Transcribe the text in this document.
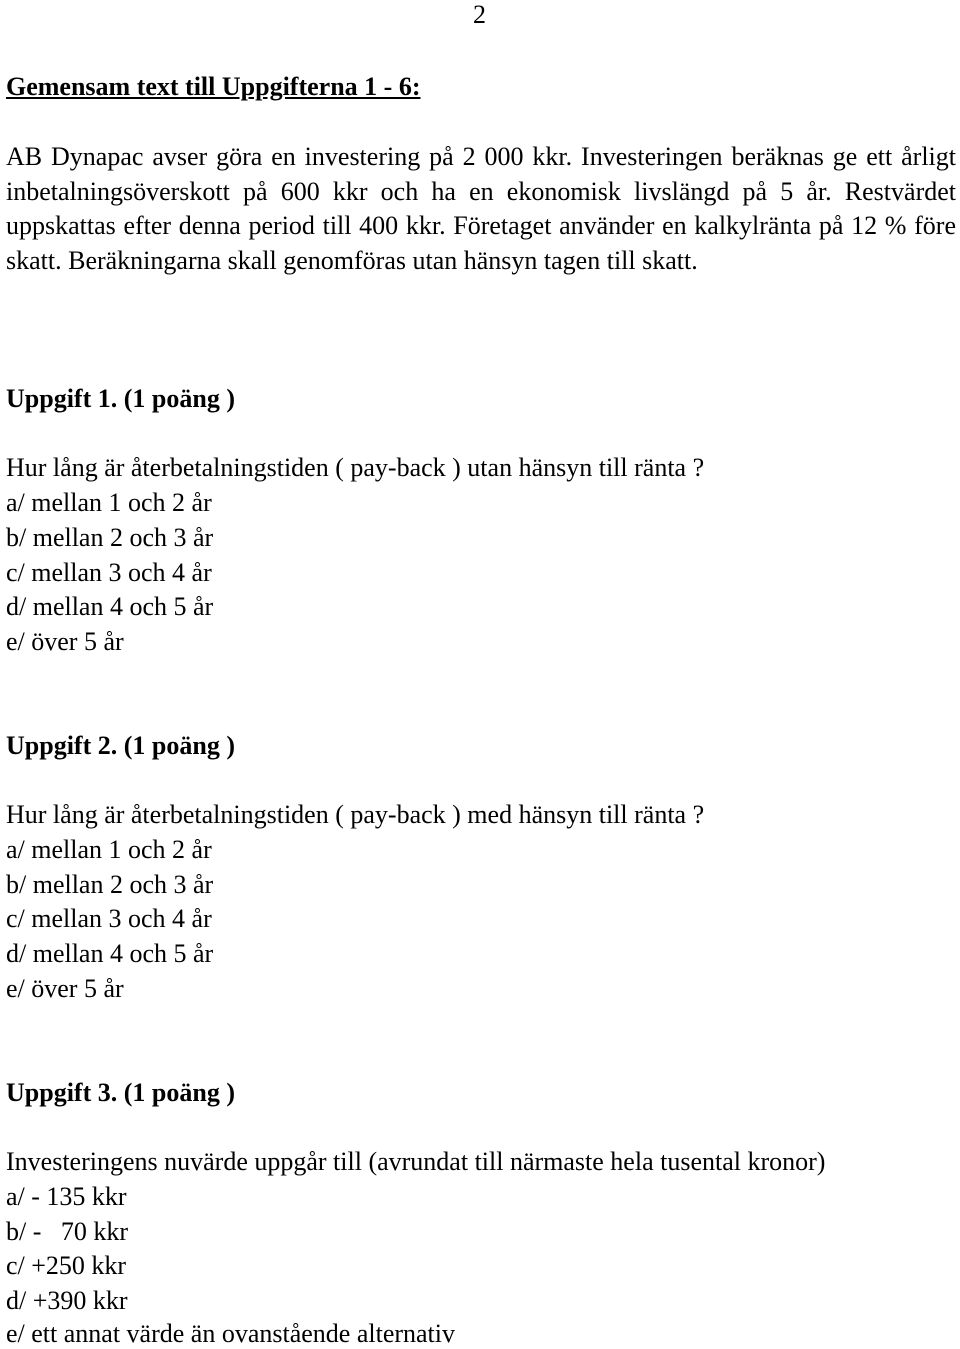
2
Gemensam text till Uppgifterna 1 - 6:
AB Dynapac avser göra en investering på 2 000 kkr. Investeringen beräknas ge ett årligt inbetalningsöverskott på 600 kkr och ha en ekonomisk livslängd på 5 år. Restvärdet uppskattas efter denna period till 400 kkr. Företaget använder en kalkylränta på 12 % före skatt. Beräkningarna skall genomföras utan hänsyn tagen till skatt.
Uppgift 1. (1 poäng )
Hur lång är återbetalningstiden ( pay-back ) utan hänsyn till ränta ?
a/ mellan 1 och 2 år
b/ mellan 2 och 3 år
c/ mellan 3 och 4 år
d/ mellan 4 och 5 år
e/ över 5 år
Uppgift 2. (1 poäng )
Hur lång är återbetalningstiden ( pay-back ) med hänsyn till ränta ?
a/ mellan 1 och 2 år
b/ mellan 2 och 3 år
c/ mellan 3 och 4 år
d/ mellan 4 och 5 år
e/ över 5 år
Uppgift 3. (1 poäng )
Investeringens nuvärde uppgår till (avrundat till närmaste hela tusental kronor)
a/ - 135 kkr
b/ -   70 kkr
c/ +250 kkr
d/ +390 kkr
e/ ett annat värde än ovanstående alternativ
